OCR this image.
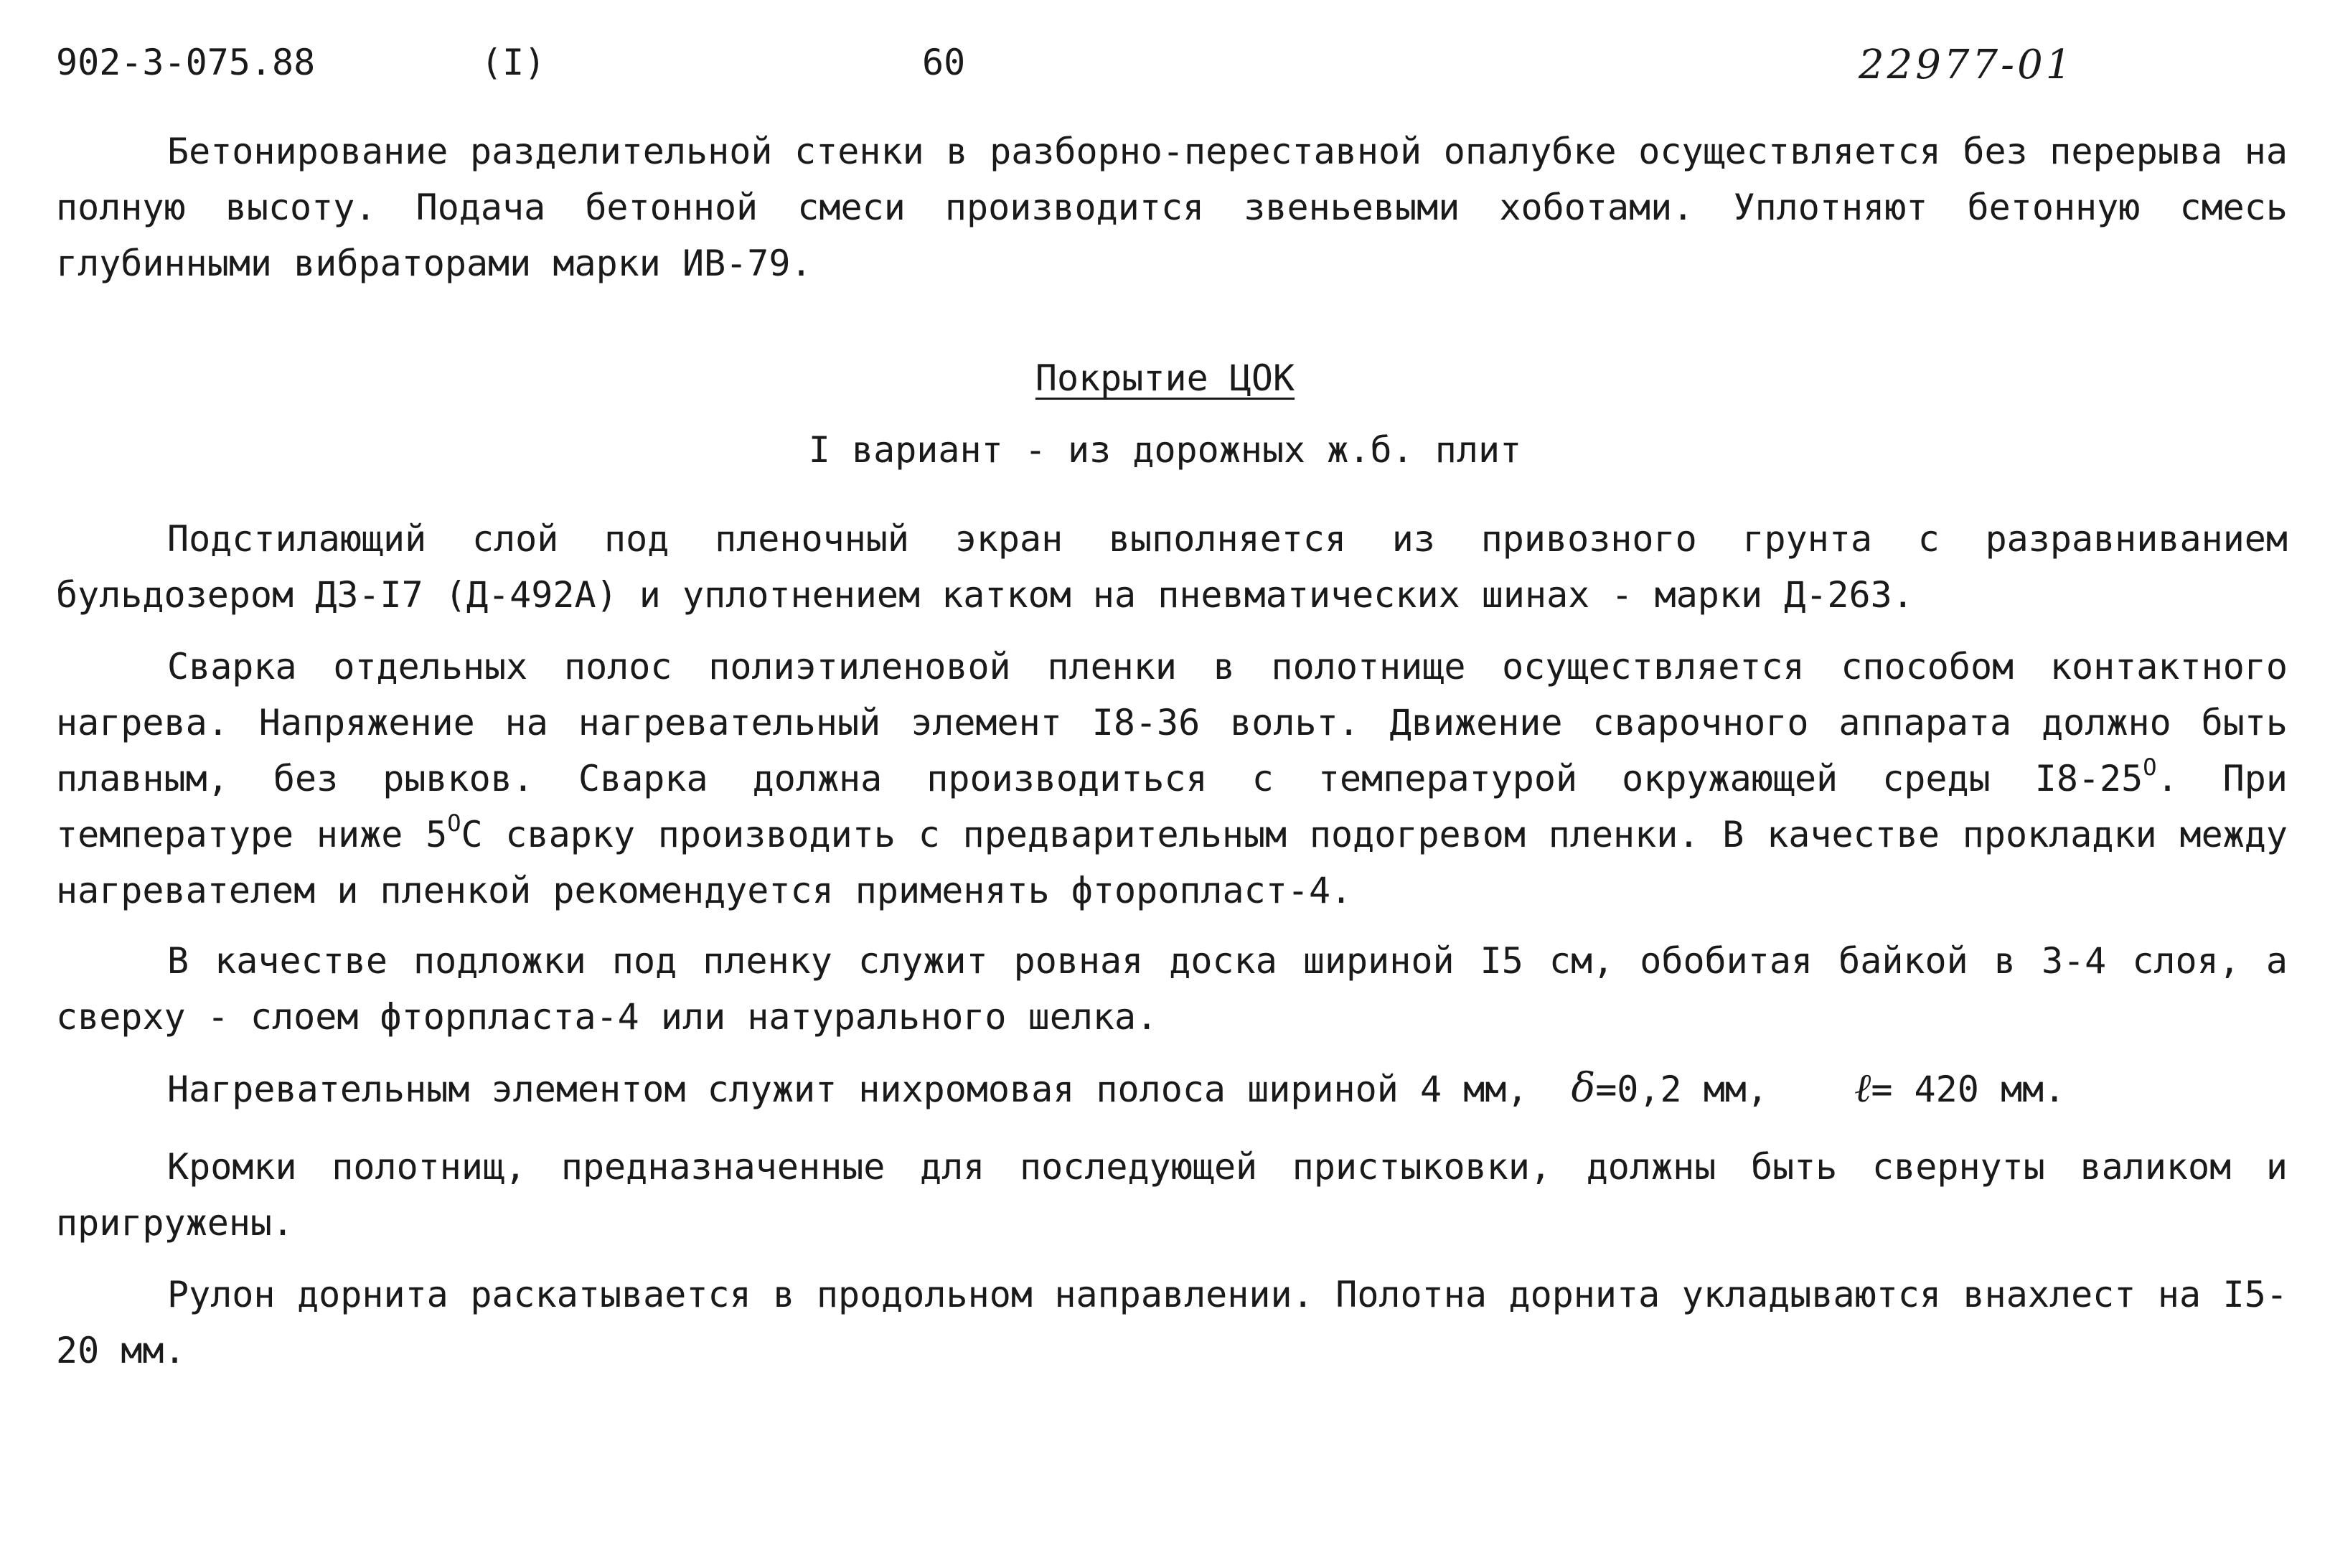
902-3-075.88	(I)	60	22977-01

Бетонирование разделительной стенки в разборно-переставной опалубке осуществляется без перерыва на полную высоту. Подача бетонной смеси производится звеньевыми хоботами. Уплотняют бетонную смесь глубинными вибраторами марки ИВ-79.

Покрытие ЦОК
I вариант - из дорожных ж.б. плит

Подстилающий слой под пленочный экран выполняется из привозного грунта с разравниванием бульдозером ДЗ-I7 (Д-492А) и уплотнением катком на пневматических шинах - марки Д-263.

Сварка отдельных полос полиэтиленовой пленки в полотнище осуществляется способом контактного нагрева. Напряжение на нагревательный элемент I8-36 вольт. Движение сварочного аппарата должно быть плавным, без рывков. Сварка должна производиться с температурой окружающей среды $I8-25^O$. При температуре ниже $5^OС$ сварку производить с предварительным подогревом пленки. В качестве прокладки между нагревателем и пленкой рекомендуется применять фторопласт-4.

В качестве подложки под пленку служит ровная доска шириной I5 см, обобитая байкой в 3-4 слоя, а сверху - слоем фторпласта-4 или натурального шелка.

Нагревательным элементом служит нихромовая полоса шириной 4 мм, δ=0,2 мм, ℓ= 420 мм.

Кромки полотнищ, предназначенные для последующей пристыковки, должны быть свернуты валиком и пригружены.

Рулон дорнита раскатывается в продольном направлении. Полотна дорнита укладываются внахлест на I5-20 мм.
